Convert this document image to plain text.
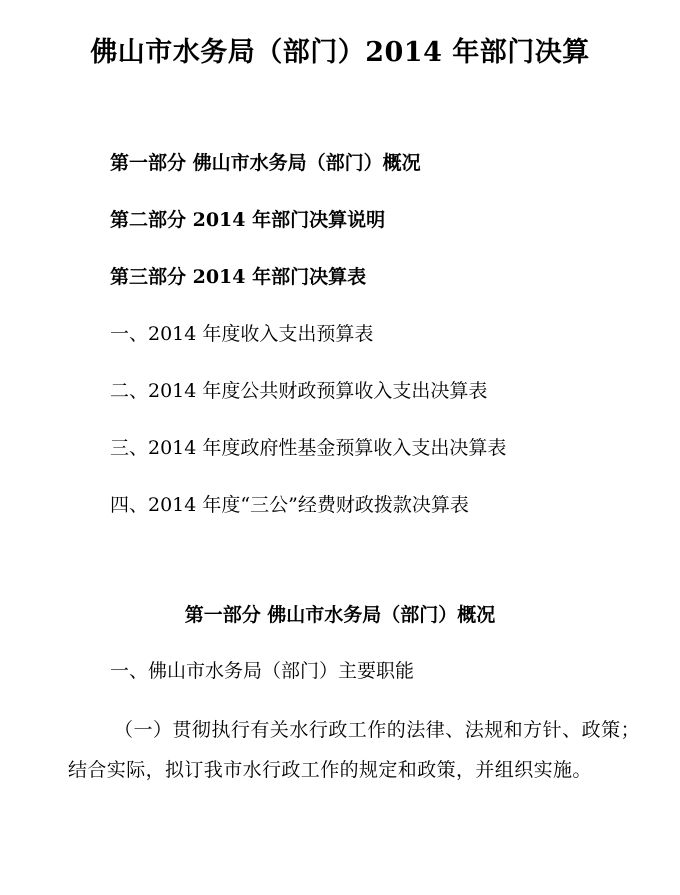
佛山市水务局（部门）2014 年部门决算
第一部分 佛山市水务局（部门）概况
第二部分 2014 年部门决算说明
第三部分 2014 年部门决算表
一、2014 年度收入支出预算表
二、2014 年度公共财政预算收入支出决算表
三、2014 年度政府性基金预算收入支出决算表
四、2014 年度“三公”经费财政拨款决算表
第一部分 佛山市水务局（部门）概况
一、佛山市水务局（部门）主要职能

（一）贯彻执行有关水行政工作的法律、法规和方针、政策；结合实际，拟订我市水行政工作的规定和政策，并组织实施。
